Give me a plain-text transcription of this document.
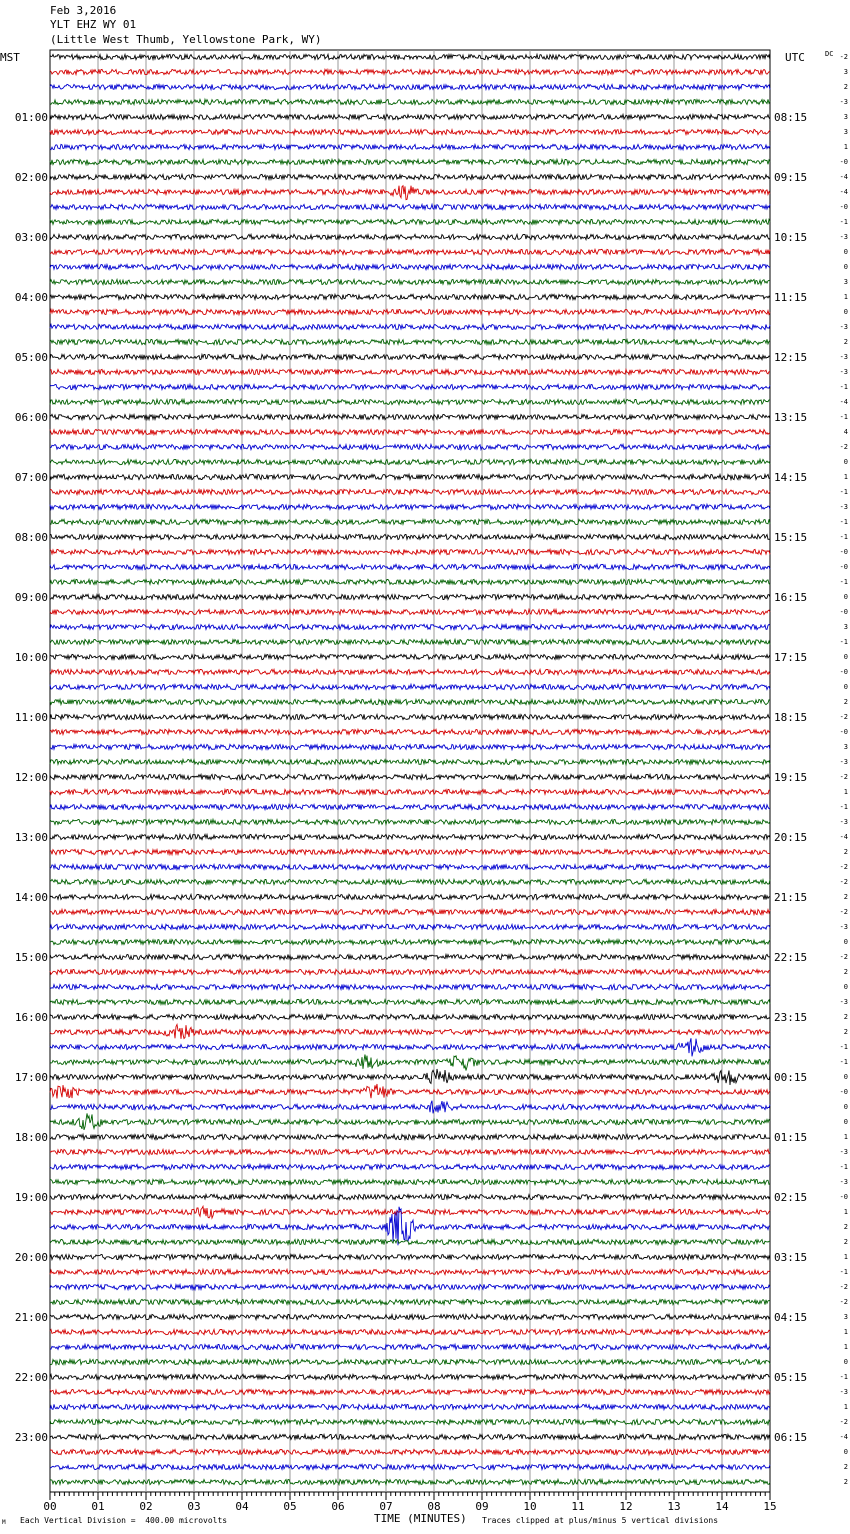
Feb 3,2016
YLT EHZ WY 01
(Little West Thumb, Yellowstone Park, WY)
-2
3
2
-3
3
3
1
-0
-4
-4
-0
-1
-3
0
0
3
1
0
-3
2
-3
-3
-1
-4
-1
4
-2
0
1
-1
-3
-1
-1
-0
-0
-1
0
-0
3
-1
0
-0
0
2
-2
-0
3
-3
-2
1
-1
-3
-4
2
-2
-2
2
-2
-3
0
-2
2
0
-3
2
2
-1
-1
0
-0
0
0
1
-3
-1
-3
-0
1
2
2
1
-1
-2
-2
3
1
1
0
-1
-3
1
-2
-4
0
2
2
MST	UTC	DC
01:00	08:15
02:00	09:15
03:00	10:15
04:00	11:15
05:00	12:15
06:00	13:15
07:00	14:15
08:00	15:15
09:00	16:15
10:00	17:15
11:00	18:15
12:00	19:15
13:00	20:15
14:00	21:15
15:00	22:15
16:00	23:15
17:00	00:15
18:00	01:15
19:00	02:15
20:00	03:15
21:00	04:15
22:00	05:15
23:00	06:15
00	01	02	03	04	05	06	07	08	09	10	11	12	13	14	15
M Each Vertical Division =  400.00 microvolts	TIME (MINUTES) Traces clipped at plus/minus 5 vertical divisions
